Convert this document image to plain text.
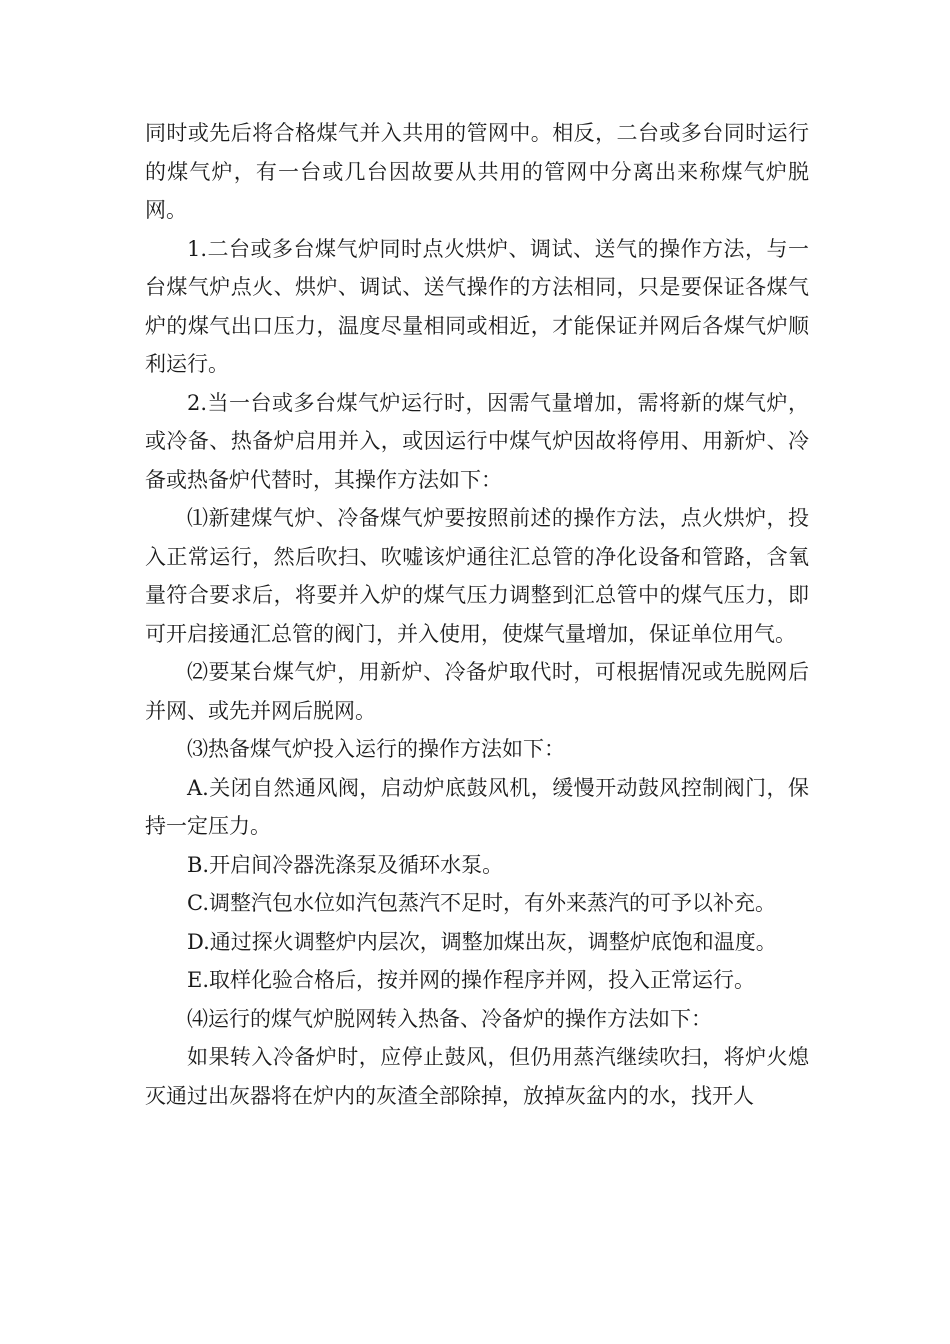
同时或先后将合格煤气并入共用的管网中。相反，二台或多台同时运行的煤气炉，有一台或几台因故要从共用的管网中分离出来称煤气炉脱网。

1.二台或多台煤气炉同时点火烘炉、调试、送气的操作方法，与一台煤气炉点火、烘炉、调试、送气操作的方法相同，只是要保证各煤气炉的煤气出口压力，温度尽量相同或相近，才能保证并网后各煤气炉顺利运行。

2.当一台或多台煤气炉运行时，因需气量增加，需将新的煤气炉，或冷备、热备炉启用并入，或因运行中煤气炉因故将停用、用新炉、冷备或热备炉代替时，其操作方法如下：

⑴新建煤气炉、冷备煤气炉要按照前述的操作方法，点火烘炉，投入正常运行，然后吹扫、吹嘘该炉通往汇总管的净化设备和管路，含氧量符合要求后，将要并入炉的煤气压力调整到汇总管中的煤气压力，即可开启接通汇总管的阀门，并入使用，使煤气量增加，保证单位用气。

⑵要某台煤气炉，用新炉、冷备炉取代时，可根据情况或先脱网后并网、或先并网后脱网。

⑶热备煤气炉投入运行的操作方法如下：

A.关闭自然通风阀，启动炉底鼓风机，缓慢开动鼓风控制阀门，保持一定压力。

B.开启间冷器洗涤泵及循环水泵。

C.调整汽包水位如汽包蒸汽不足时，有外来蒸汽的可予以补充。

D.通过探火调整炉内层次，调整加煤出灰，调整炉底饱和温度。

E.取样化验合格后，按并网的操作程序并网，投入正常运行。

⑷运行的煤气炉脱网转入热备、冷备炉的操作方法如下：

如果转入冷备炉时，应停止鼓风，但仍用蒸汽继续吹扫，将炉火熄灭通过出灰器将在炉内的灰渣全部除掉，放掉灰盆内的水，找开人
